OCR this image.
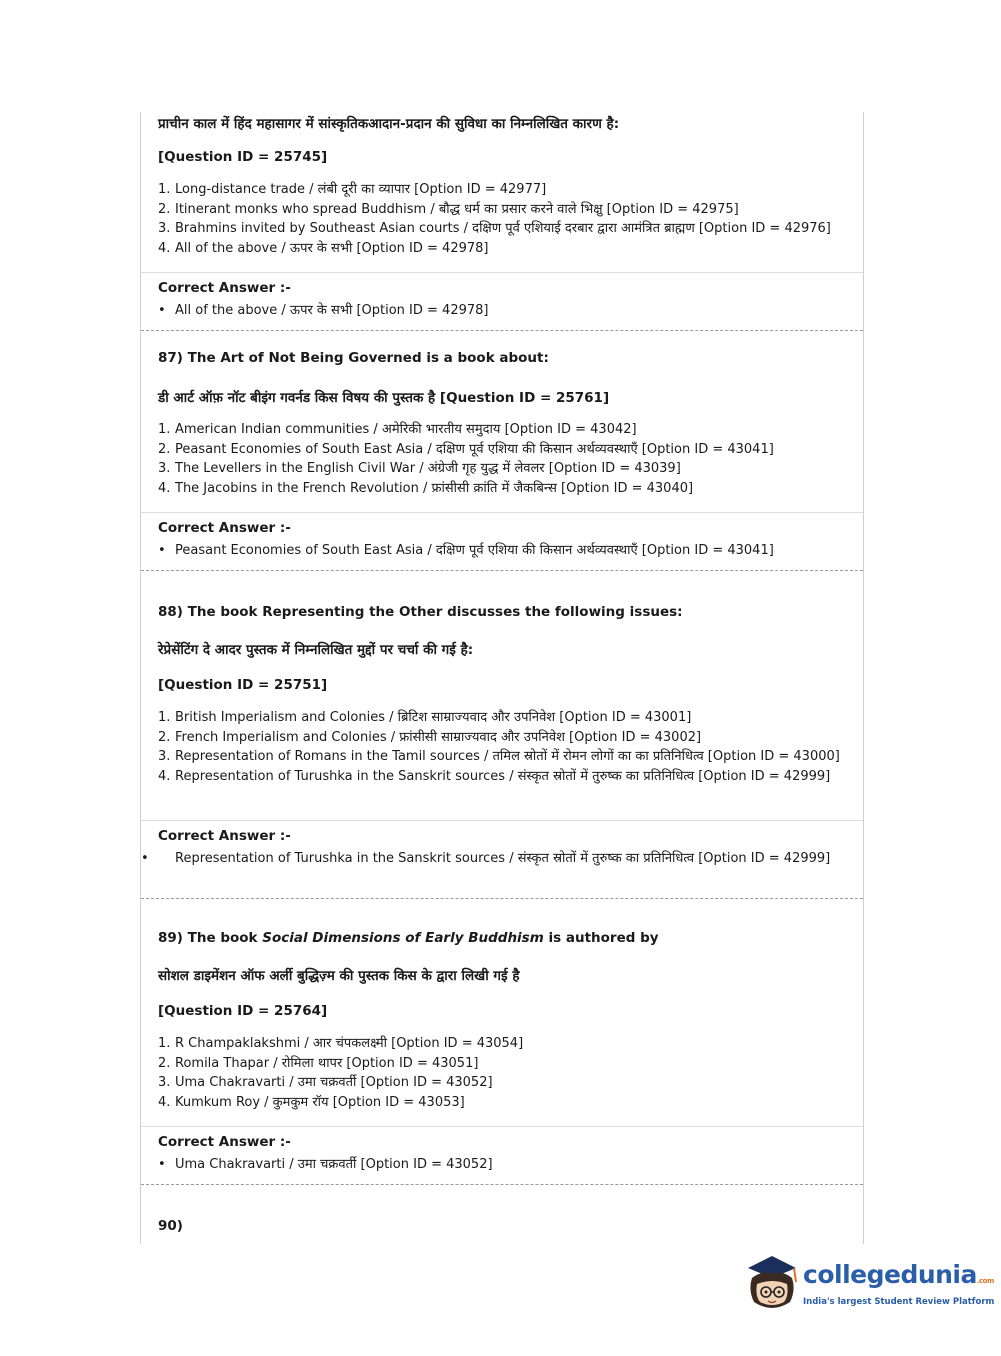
प्राचीन काल में हिंद महासागर में सांस्कृतिकआदान-प्रदान की सुविधा का निम्नलिखित कारण है:
[Question ID = 25745]
1. Long-distance trade / लंबी दूरी का व्यापार [Option ID = 42977]
2. Itinerant monks who spread Buddhism / बौद्ध धर्म का प्रसार करने वाले भिक्षु [Option ID = 42975]
3. Brahmins invited by Southeast Asian courts / दक्षिण पूर्व एशियाई दरबार द्वारा आमंत्रित ब्राह्मण [Option ID = 42976]
4. All of the above / ऊपर के सभी [Option ID = 42978]
Correct Answer :-
• All of the above / ऊपर के सभी [Option ID = 42978]
87) The Art of Not Being Governed is a book about:
डी आर्ट ऑफ़ नॉट बीइंग गवर्नड किस विषय की पुस्तक है [Question ID = 25761]
1. American Indian communities / अमेरिकी भारतीय समुदाय [Option ID = 43042]
2. Peasant Economies of South East Asia / दक्षिण पूर्व एशिया की किसान अर्थव्यवस्थाएँ [Option ID = 43041]
3. The Levellers in the English Civil War / अंग्रेजी गृह युद्ध में लेवलर [Option ID = 43039]
4. The Jacobins in the French Revolution / फ्रांसीसी क्रांति में जैकबिन्स [Option ID = 43040]
Correct Answer :-
• Peasant Economies of South East Asia / दक्षिण पूर्व एशिया की किसान अर्थव्यवस्थाएँ [Option ID = 43041]
88) The book Representing the Other discusses the following issues:
रेप्रेसेंटिंग दे आदर पुस्तक में निम्नलिखित मुद्दों पर चर्चा की गई है:
[Question ID = 25751]
1. British Imperialism and Colonies / ब्रिटिश साम्राज्यवाद और उपनिवेश [Option ID = 43001]
2. French Imperialism and Colonies / फ्रांसीसी साम्राज्यवाद और उपनिवेश [Option ID = 43002]
3. Representation of Romans in the Tamil sources / तमिल स्रोतों में रोमन लोगों का का प्रतिनिधित्व [Option ID = 43000]
4. Representation of Turushka in the Sanskrit sources / संस्कृत स्रोतों में तुरुष्क का प्रतिनिधित्व [Option ID = 42999]
Correct Answer :-
• Representation of Turushka in the Sanskrit sources / संस्कृत स्रोतों में तुरुष्क का प्रतिनिधित्व [Option ID = 42999]
89) The book Social Dimensions of Early Buddhism is authored by
सोशल डाइमेंशन ऑफ अर्ली बुद्धिज़्म की पुस्तक किस के द्वारा लिखी गई है
[Question ID = 25764]
1. R Champaklakshmi / आर चंपकलक्ष्मी [Option ID = 43054]
2. Romila Thapar / रोमिला थापर [Option ID = 43051]
3. Uma Chakravarti / उमा चक्रवर्ती [Option ID = 43052]
4. Kumkum Roy / कुमकुम रॉय [Option ID = 43053]
Correct Answer :-
• Uma Chakravarti / उमा चक्रवर्ती [Option ID = 43052]
90)
collegedunia.com
India's largest Student Review Platform
